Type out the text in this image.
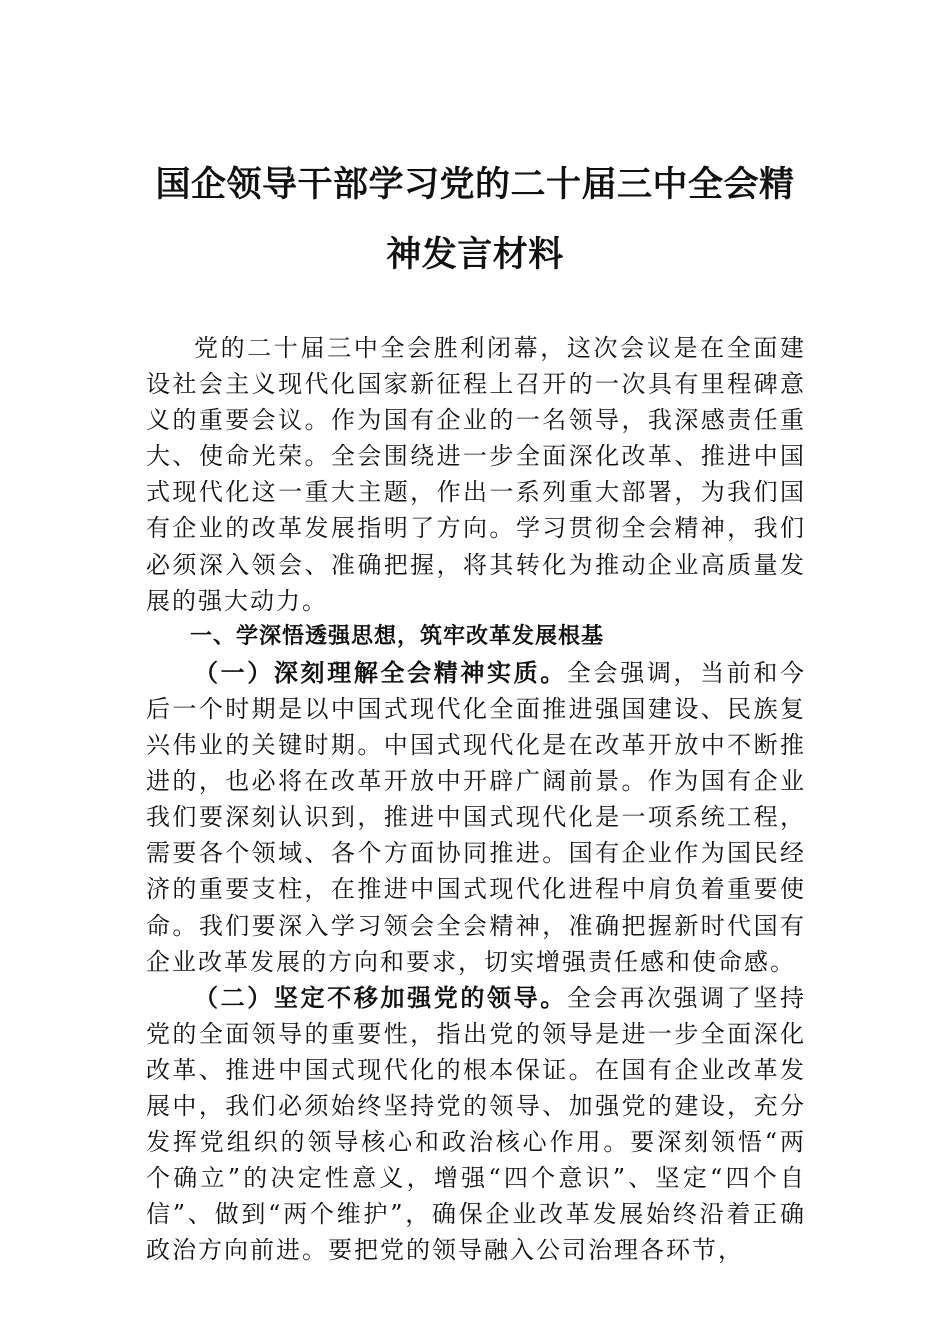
国企领导干部学习党的二十届三中全会精
神发言材料

党的二十届三中全会胜利闭幕，这次会议是在全面建设社会主义现代化国家新征程上召开的一次具有里程碑意义的重要会议。作为国有企业的一名领导，我深感责任重大、使命光荣。全会围绕进一步全面深化改革、推进中国式现代化这一重大主题，作出一系列重大部署，为我们国有企业的改革发展指明了方向。学习贯彻全会精神，我们必须深入领会、准确把握，将其转化为推动企业高质量发展的强大动力。

一、学深悟透强思想，筑牢改革发展根基

（一）深刻理解全会精神实质。全会强调，当前和今后一个时期是以中国式现代化全面推进强国建设、民族复兴伟业的关键时期。中国式现代化是在改革开放中不断推进的，也必将在改革开放中开辟广阔前景。作为国有企业我们要深刻认识到，推进中国式现代化是一项系统工程，需要各个领域、各个方面协同推进。国有企业作为国民经济的重要支柱，在推进中国式现代化进程中肩负着重要使命。我们要深入学习领会全会精神，准确把握新时代国有企业改革发展的方向和要求，切实增强责任感和使命感。

（二）坚定不移加强党的领导。全会再次强调了坚持党的全面领导的重要性，指出党的领导是进一步全面深化改革、推进中国式现代化的根本保证。在国有企业改革发展中，我们必须始终坚持党的领导、加强党的建设，充分发挥党组织的领导核心和政治核心作用。要深刻领悟“两个确立”的决定性意义，增强“四个意识”、坚定“四个自信”、做到“两个维护”，确保企业改革发展始终沿着正确政治方向前进。要把党的领导融入公司治理各环节，
